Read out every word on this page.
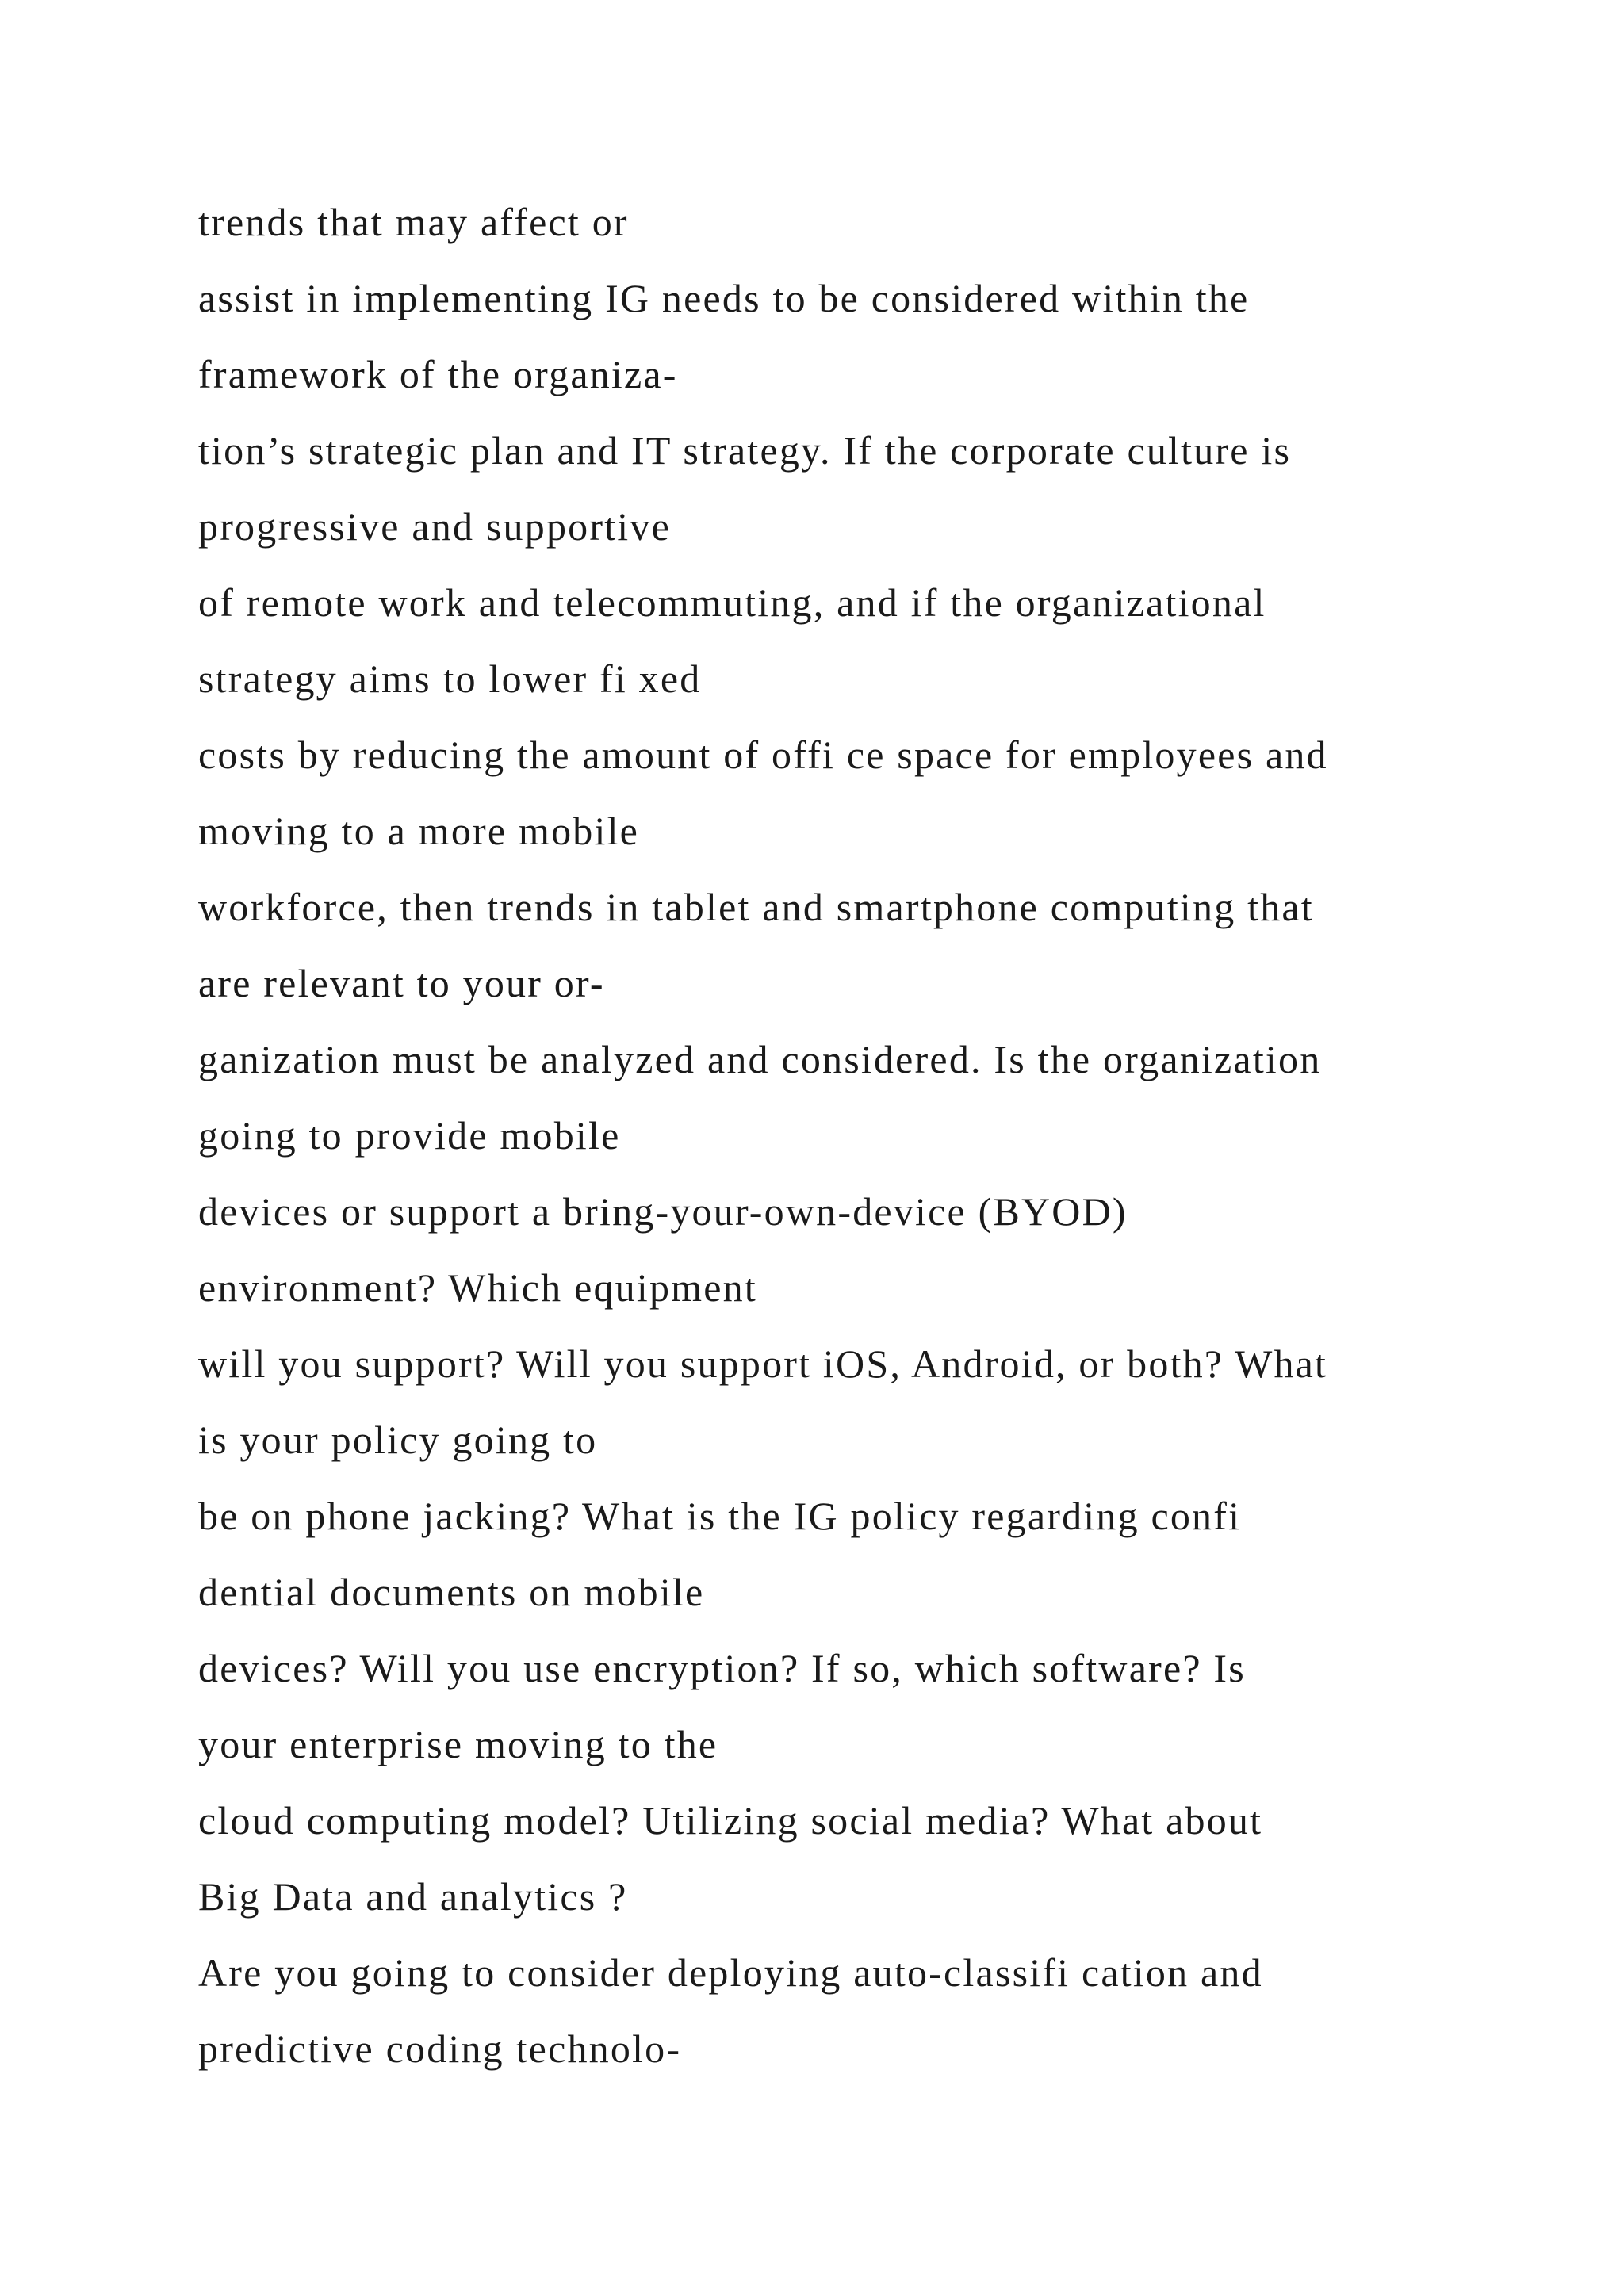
trends that may affect or
assist in implementing IG needs to be considered within the
framework of the organiza-
tion’s strategic plan and IT strategy. If the corporate culture is
progressive and supportive
of remote work and telecommuting, and if the organizational
strategy aims to lower fi xed
costs by reducing the amount of offi ce space for employees and
moving to a more mobile
workforce, then trends in tablet and smartphone computing that
are relevant to your or-
ganization must be analyzed and considered. Is the organization
going to provide mobile
devices or support a bring-your-own-device (BYOD)
environment? Which equipment
will you support? Will you support iOS, Android, or both? What
is your policy going to
be on phone jacking? What is the IG policy regarding confi
dential documents on mobile
devices? Will you use encryption? If so, which software? Is
your enterprise moving to the
cloud computing model? Utilizing social media? What about
Big Data and analytics ?
Are you going to consider deploying auto-classifi cation and
predictive coding technolo-
